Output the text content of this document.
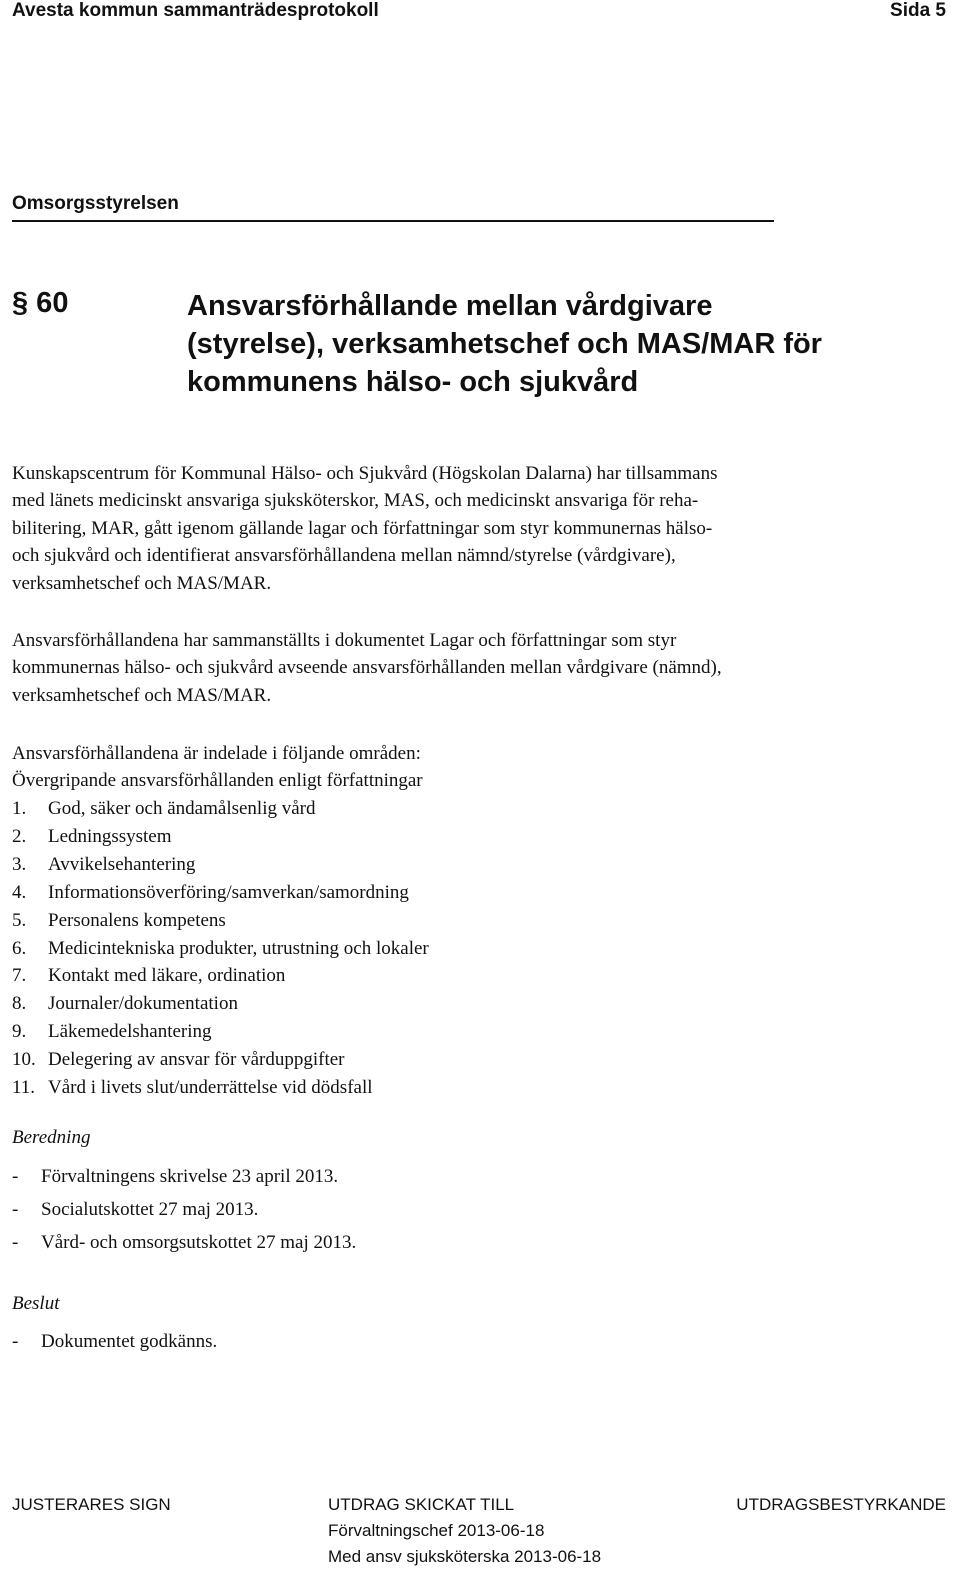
Avesta kommun sammanträdesprotokoll	Sida 5
Omsorgsstyrelsen
§ 60	Ansvarsförhållande mellan vårdgivare
(styrelse), verksamhetschef och MAS/MAR för
kommunens hälso- och sjukvård
Kunskapscentrum för Kommunal Hälso- och Sjukvård (Högskolan Dalarna) har tillsammans
med länets medicinskt ansvariga sjuksköterskor, MAS, och medicinskt ansvariga för reha-
bilitering, MAR, gått igenom gällande lagar och författningar som styr kommunernas hälso-
och sjukvård och identifierat ansvarsförhållandena mellan nämnd/styrelse (vårdgivare),
verksamhetschef och MAS/MAR.
Ansvarsförhållandena har sammanställts i dokumentet Lagar och författningar som styr
kommunernas hälso- och sjukvård avseende ansvarsförhållanden mellan vårdgivare (nämnd),
verksamhetschef och MAS/MAR.
Ansvarsförhållandena är indelade i följande områden:
Övergripande ansvarsförhållanden enligt författningar
1. God, säker och ändamålsenlig vård
2. Ledningssystem
3. Avvikelsehantering
4. Informationsöverföring/samverkan/samordning
5. Personalens kompetens
6. Medicintekniska produkter, utrustning och lokaler
7. Kontakt med läkare, ordination
8. Journaler/dokumentation
9. Läkemedelshantering
10. Delegering av ansvar för vårduppgifter
11. Vård i livets slut/underrättelse vid dödsfall
Beredning
- Förvaltningens skrivelse 23 april 2013.
- Socialutskottet 27 maj 2013.
- Vård- och omsorgsutskottet 27 maj 2013.
Beslut
- Dokumentet godkänns.
JUSTERARES SIGN	UTDRAG SKICKAT TILL
Förvaltningschef 2013-06-18
Med ansv sjuksköterska 2013-06-18
UTDRAGSBESTYRKANDE
